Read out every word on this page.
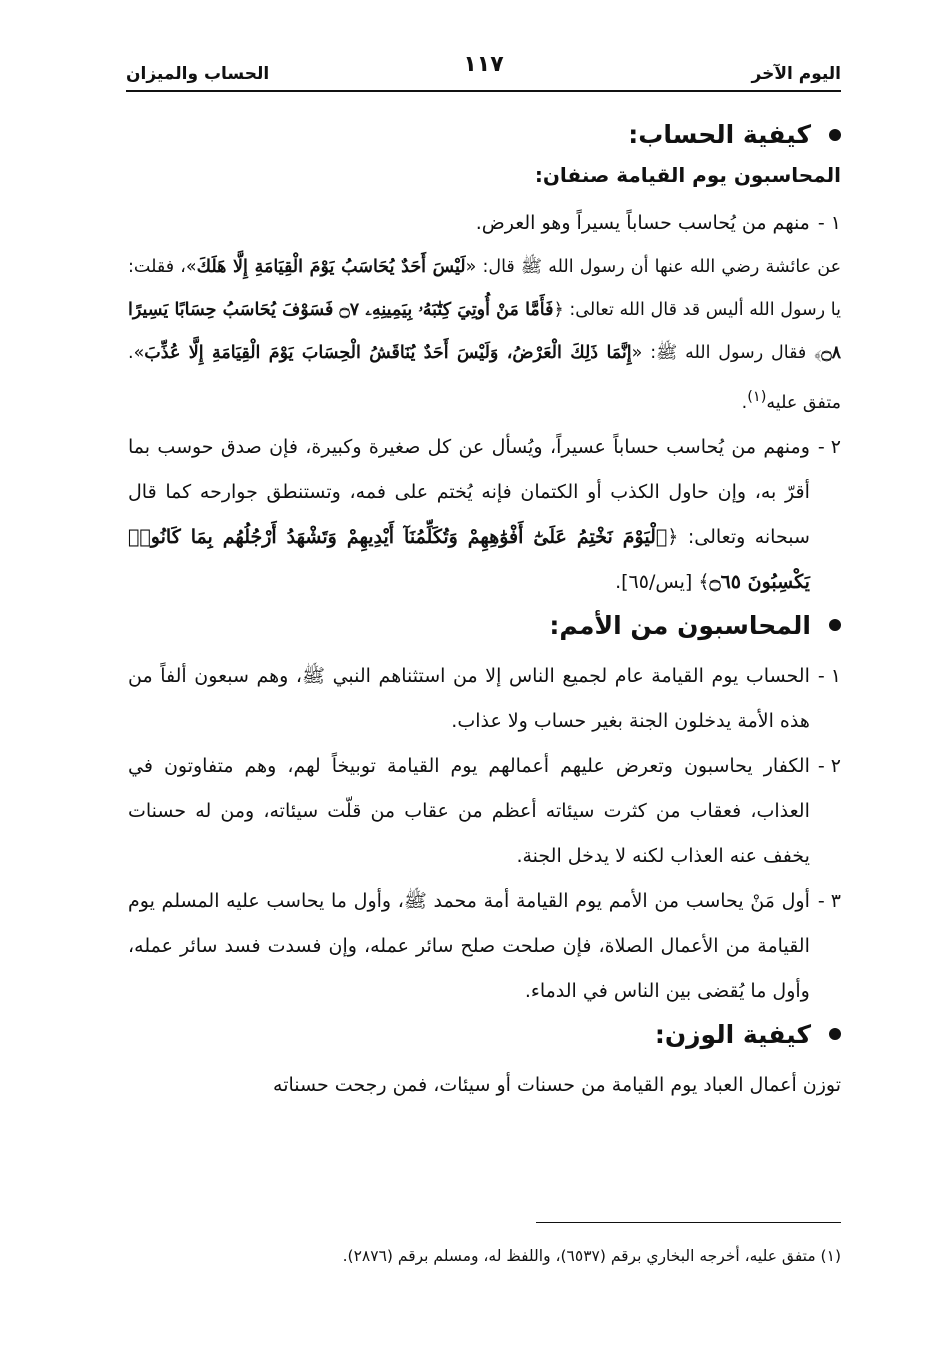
اليوم الآخر
١١٧
الحساب والميزان
كيفية الحساب:
المحاسبون يوم القيامة صنفان:
١ -
منهم من يُحاسب حساباً يسيراً وهو العرض.

عن عائشة رضي الله عنها أن رسول الله ﷺ قال: «لَيْسَ أَحَدٌ يُحَاسَبُ يَوْمَ الْقِيَامَةِ إِلَّا هَلَكَ»، فقلت: يا رسول الله أليس قد قال الله تعالى: ﴿فَأَمَّا مَنْ أُوتِيَ كِتَٰبَهُۥ بِيَمِينِهِۦ ۝٧ فَسَوْفَ يُحَاسَبُ حِسَابًا يَسِيرًا ۝٨﴾ فقال رسول الله ﷺ: «إِنَّمَا ذَلِكَ الْعَرْضُ، وَلَيْسَ أَحَدٌ يُنَاقَشُ الْحِسَابَ يَوْمَ الْقِيَامَةِ إِلَّا عُذِّبَ». متفق عليه$^{(١)}$.

٢ -
ومنهم من يُحاسب حساباً عسيراً، ويُسأل عن كل صغيرة وكبيرة، فإن صدق حوسب بما أقرّ به، وإن حاول الكذب أو الكتمان فإنه يُختم على فمه، وتستنطق جوارحه كما قال سبحانه وتعالى: ﴿ٱلْيَوْمَ نَخْتِمُ عَلَىٰٓ أَفْوَٰهِهِمْ وَتُكَلِّمُنَآ أَيْدِيهِمْ وَتَشْهَدُ أَرْجُلُهُم بِمَا كَانُوا۟ يَكْسِبُونَ ۝٦٥﴾ [يس/٦٥].
المحاسبون من الأمم:
١ -
الحساب يوم القيامة عام لجميع الناس إلا من استثناهم النبي ﷺ، وهم سبعون ألفاً من هذه الأمة يدخلون الجنة بغير حساب ولا عذاب.
٢ -
الكفار يحاسبون وتعرض عليهم أعمالهم يوم القيامة توبيخاً لهم، وهم متفاوتون في العذاب، فعقاب من كثرت سيئاته أعظم من عقاب من قلّت سيئاته، ومن له حسنات يخفف عنه العذاب لكنه لا يدخل الجنة.
٣ -
أول مَنْ يحاسب من الأمم يوم القيامة أمة محمد ﷺ، وأول ما يحاسب عليه المسلم يوم القيامة من الأعمال الصلاة، فإن صلحت صلح سائر عمله، وإن فسدت فسد سائر عمله، وأول ما يُقضى بين الناس في الدماء.
كيفية الوزن:

توزن أعمال العباد يوم القيامة من حسنات أو سيئات، فمن رجحت حسناته

(١) متفق عليه، أخرجه البخاري برقم (٦٥٣٧)، واللفظ له، ومسلم برقم (٢٨٧٦).
